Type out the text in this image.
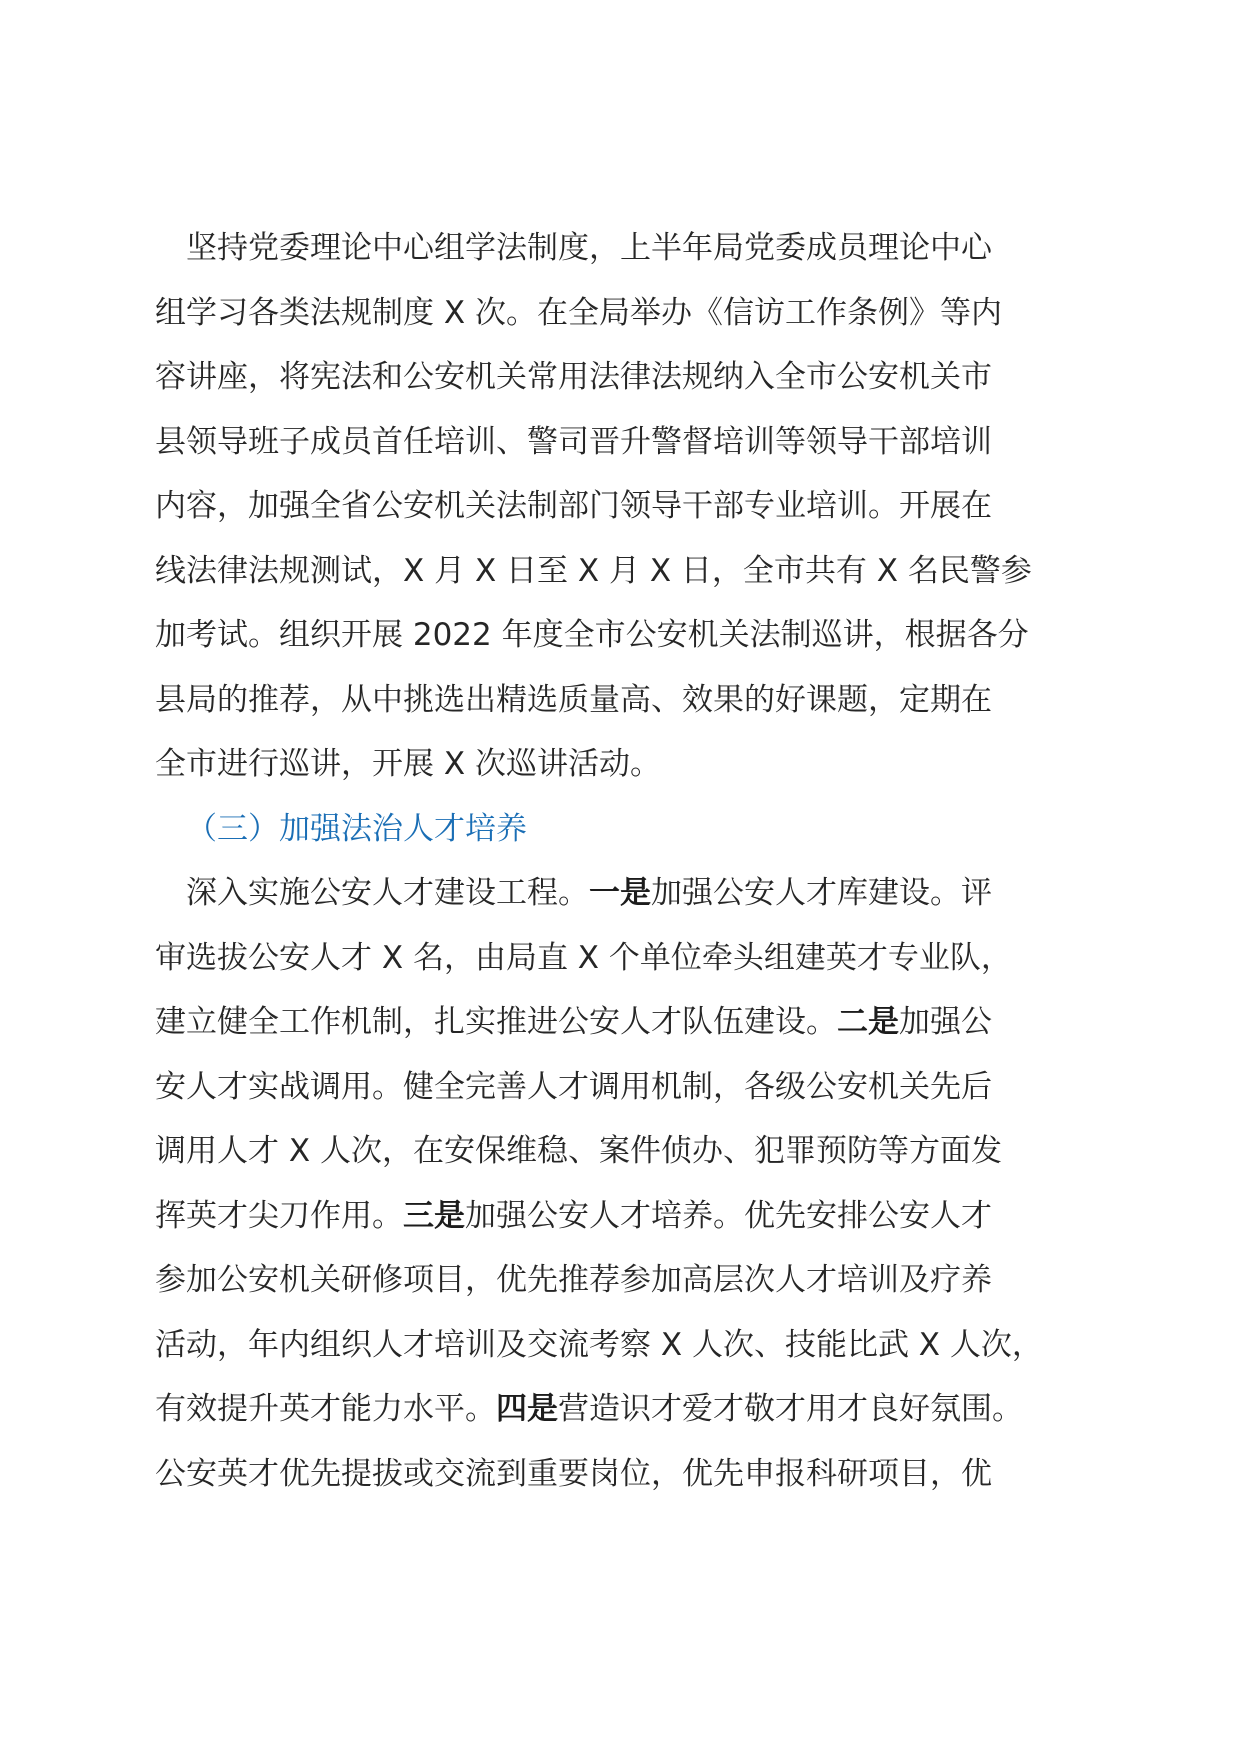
坚持党委理论中心组学法制度，上半年局党委成员理论中心
组学习各类法规制度 X 次。在全局举办《信访工作条例》等内
容讲座，将宪法和公安机关常用法律法规纳入全市公安机关市
县领导班子成员首任培训、警司晋升警督培训等领导干部培训
内容，加强全省公安机关法制部门领导干部专业培训。开展在
线法律法规测试，X 月 X 日至 X 月 X 日，全市共有 X 名民警参
加考试。组织开展 2022 年度全市公安机关法制巡讲，根据各分
县局的推荐，从中挑选出精选质量高、效果的好课题，定期在
全市进行巡讲，开展 X 次巡讲活动。
（三）加强法治人才培养
深入实施公安人才建设工程。一是加强公安人才库建设。评
审选拔公安人才 X 名，由局直 X 个单位牵头组建英才专业队，
建立健全工作机制，扎实推进公安人才队伍建设。二是加强公
安人才实战调用。健全完善人才调用机制，各级公安机关先后
调用人才 X 人次，在安保维稳、案件侦办、犯罪预防等方面发
挥英才尖刀作用。三是加强公安人才培养。优先安排公安人才
参加公安机关研修项目，优先推荐参加高层次人才培训及疗养
活动，年内组织人才培训及交流考察 X 人次、技能比武 X 人次，
有效提升英才能力水平。四是营造识才爱才敬才用才良好氛围。
公安英才优先提拔或交流到重要岗位，优先申报科研项目，优
